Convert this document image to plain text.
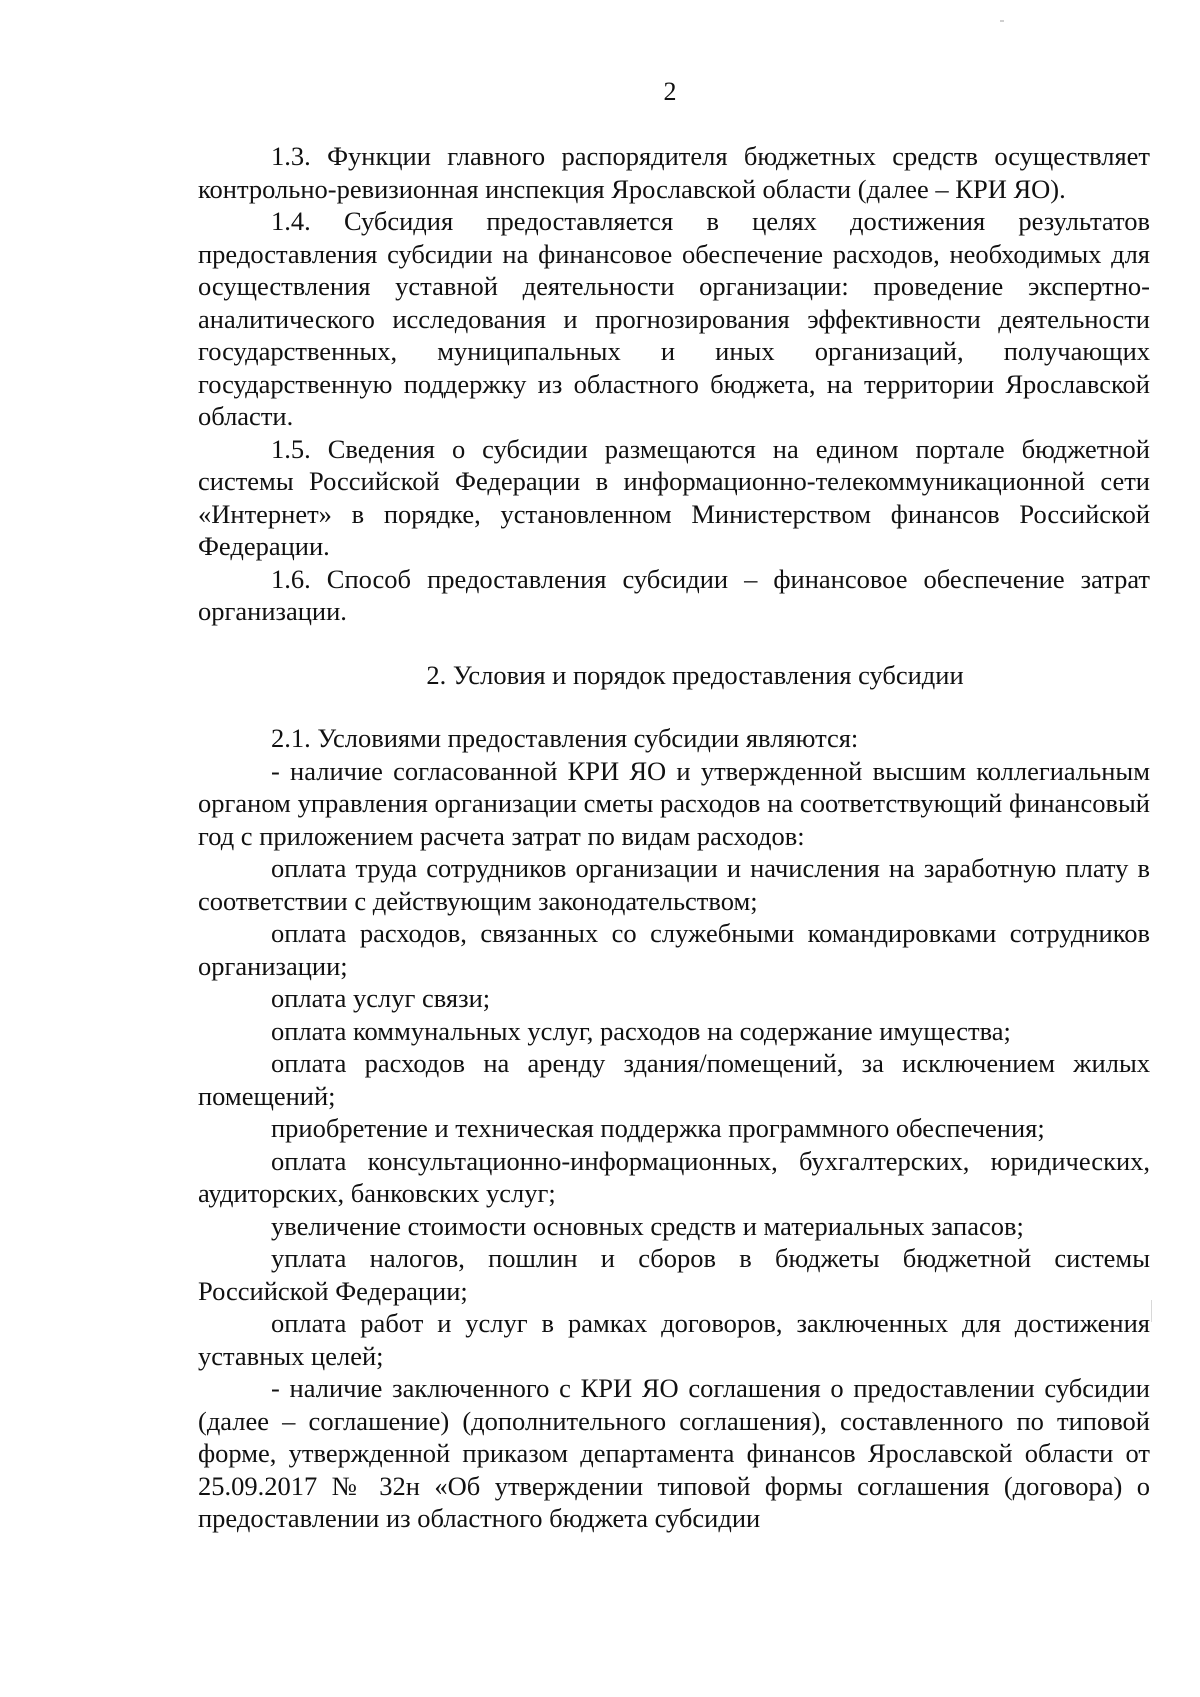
2

1.3. Функции главного распорядителя бюджетных средств осуществляет контрольно-ревизионная инспекция Ярославской области (далее – КРИ ЯО).

1.4. Субсидия предоставляется в целях достижения результатов предоставления субсидии на финансовое обеспечение расходов, необходимых для осуществления уставной деятельности организации: проведение экспертно-аналитического исследования и прогнозирования эффективности деятельности государственных, муниципальных и иных организаций, получающих государственную поддержку из областного бюджета, на территории Ярославской области.

1.5. Сведения о субсидии размещаются на едином портале бюджетной системы Российской Федерации в информационно-телекоммуникационной сети «Интернет» в порядке, установленном Министерством финансов Российской Федерации.

1.6. Способ предоставления субсидии – финансовое обеспечение затрат организации.

2. Условия и порядок предоставления субсидии

2.1. Условиями предоставления субсидии являются:

- наличие согласованной КРИ ЯО и утвержденной высшим коллегиальным органом управления организации сметы расходов на соответствующий финансовый год с приложением расчета затрат по видам расходов:

оплата труда сотрудников организации и начисления на заработную плату в соответствии с действующим законодательством;

оплата расходов, связанных со служебными командировками сотрудников организации;

оплата услуг связи;

оплата коммунальных услуг, расходов на содержание имущества;

оплата расходов на аренду здания/помещений, за исключением жилых помещений;

приобретение и техническая поддержка программного обеспечения;

оплата консультационно-информационных, бухгалтерских, юридических, аудиторских, банковских услуг;

увеличение стоимости основных средств и материальных запасов;

уплата налогов, пошлин и сборов в бюджеты бюджетной системы Российской Федерации;

оплата работ и услуг в рамках договоров, заключенных для достижения уставных целей;

- наличие заключенного с КРИ ЯО соглашения о предоставлении субсидии (далее – соглашение) (дополнительного соглашения), составленного по типовой форме, утвержденной приказом департамента финансов Ярославской области от 25.09.2017 № 32н «Об утверждении типовой формы соглашения (договора) о предоставлении из областного бюджета субсидии
